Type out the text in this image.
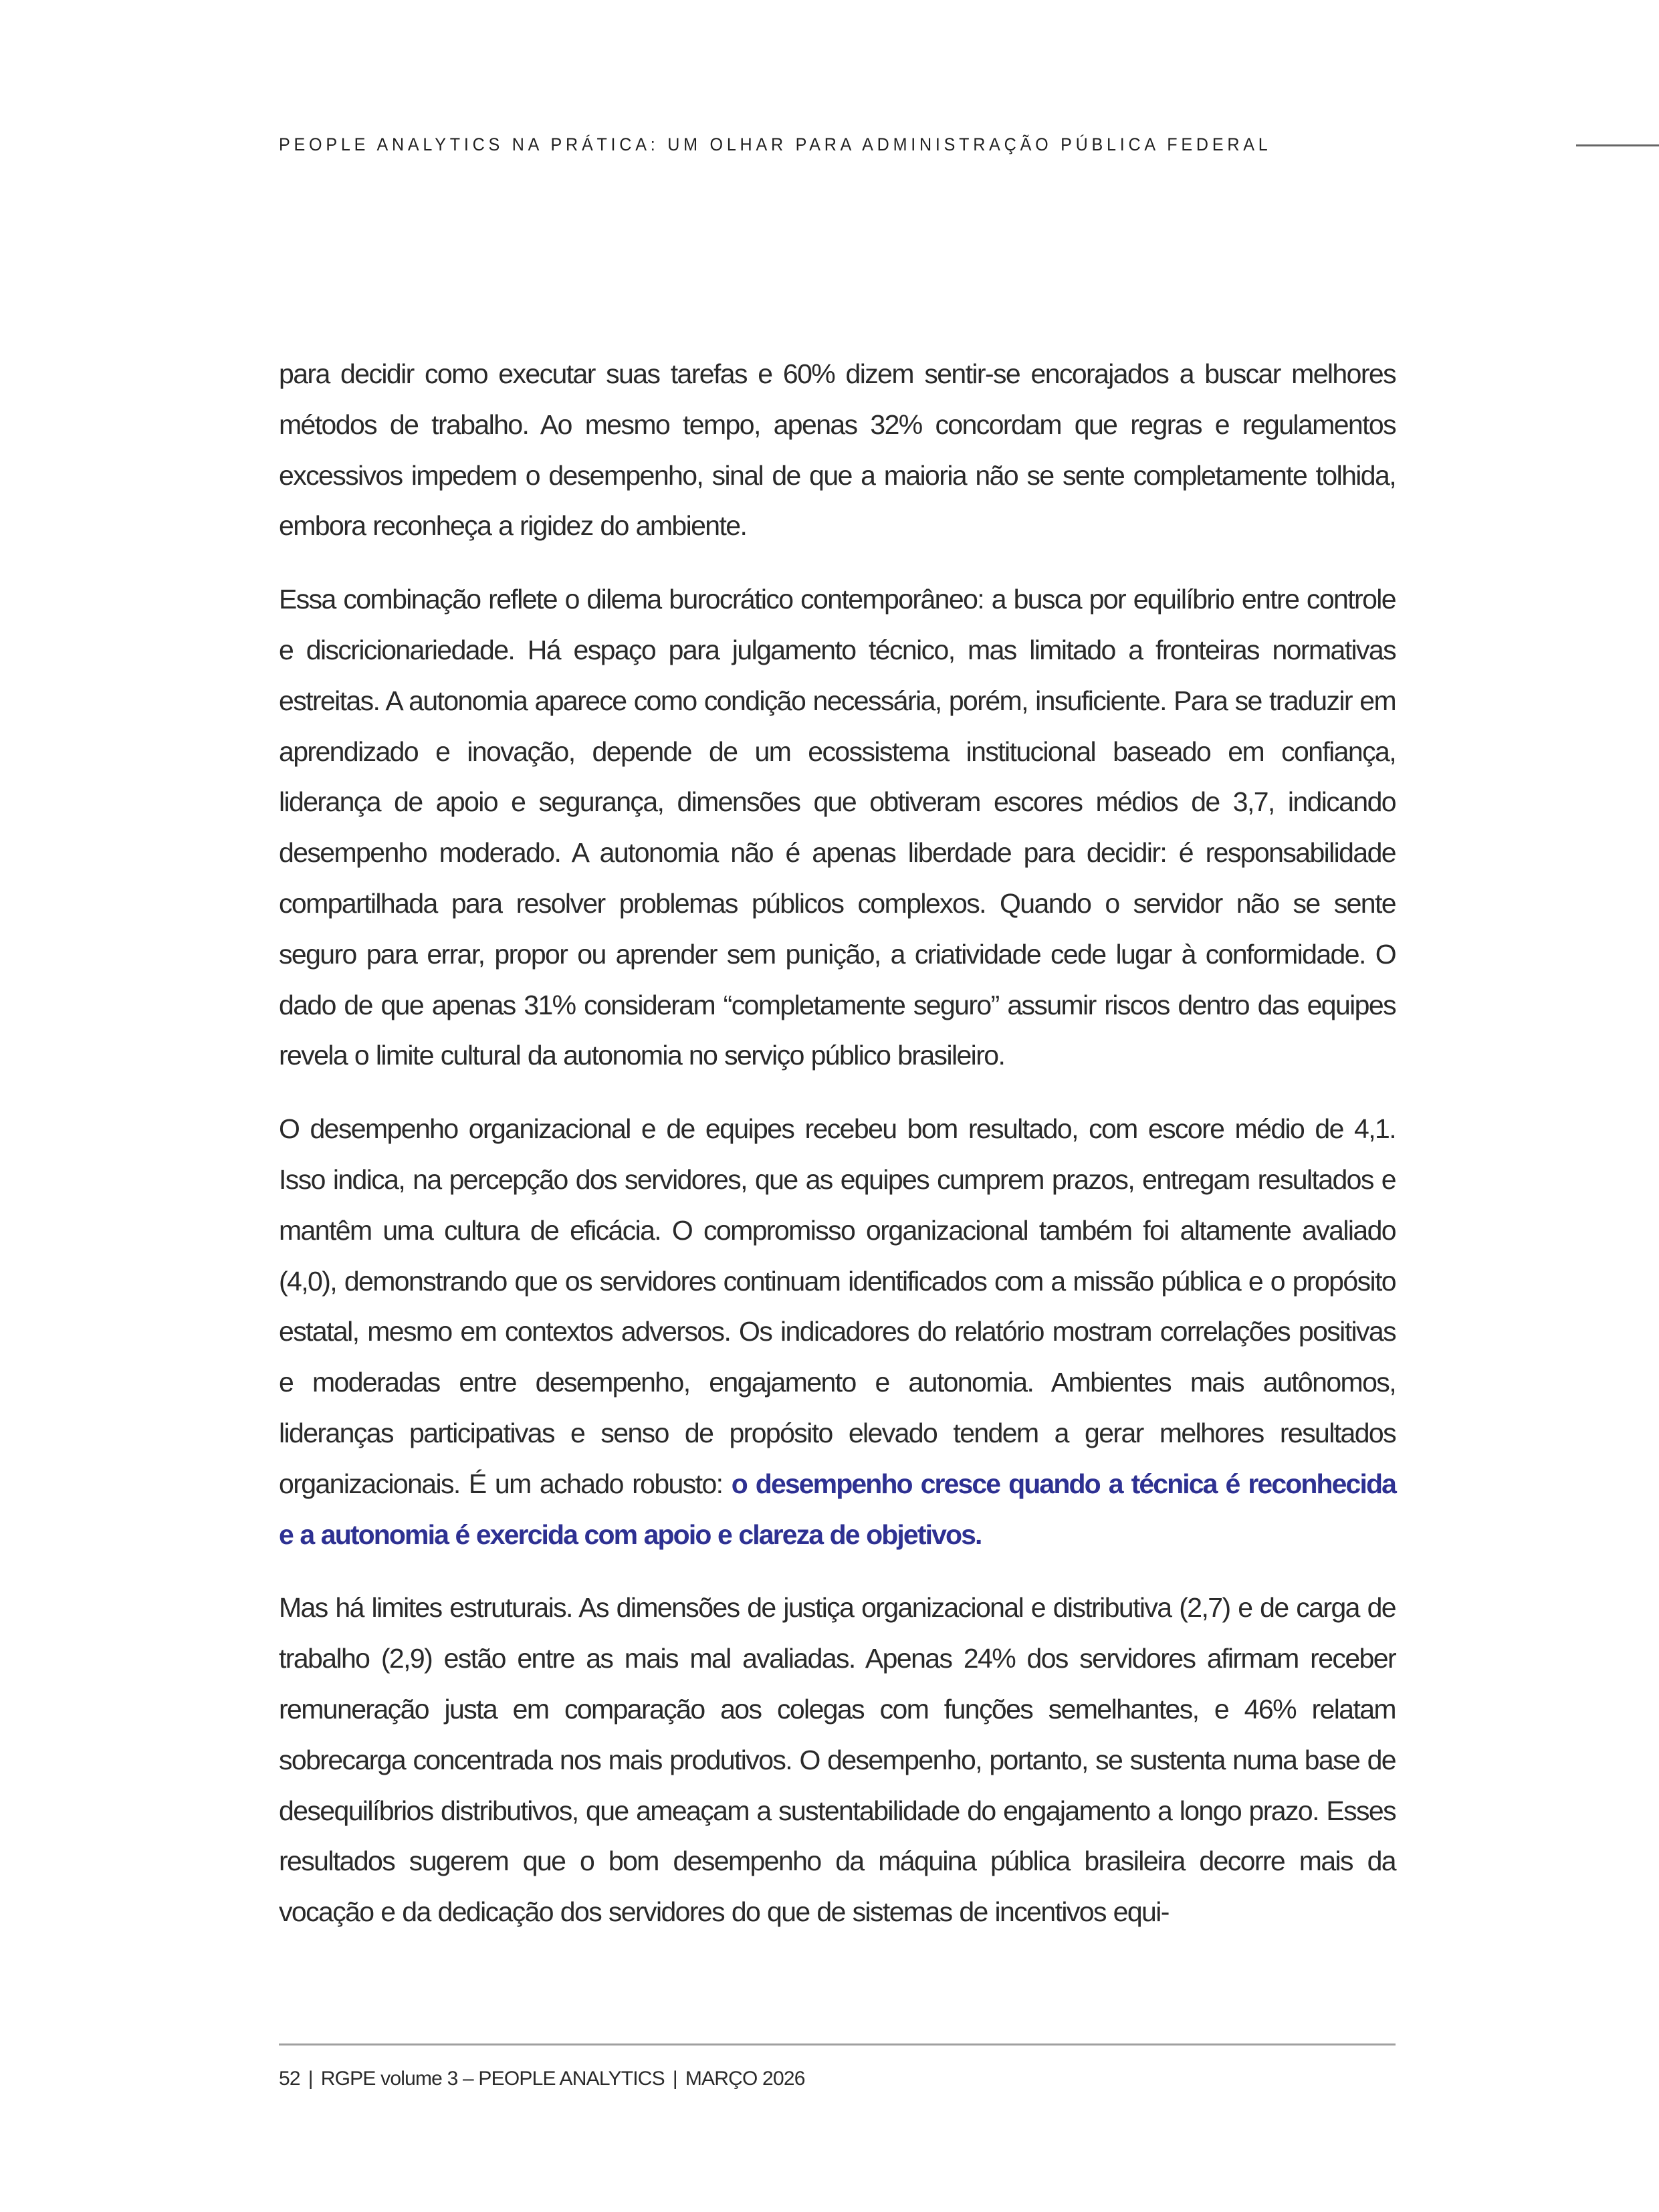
PEOPLE ANALYTICS NA PRÁTICA: UM OLHAR PARA ADMINISTRAÇÃO PÚBLICA FEDERAL

para decidir como executar suas tarefas e 60% dizem sentir-se encorajados a buscar melhores métodos de trabalho. Ao mesmo tempo, apenas 32% concordam que regras e regulamentos excessivos impedem o desempenho, sinal de que a maioria não se sente completamente tolhida, embora reconheça a rigidez do ambiente.

Essa combinação reflete o dilema burocrático contemporâneo: a busca por equilíbrio entre controle e discricionariedade. Há espaço para julgamento técnico, mas limitado a fronteiras normativas estreitas. A autonomia aparece como condição necessária, porém, insuficiente. Para se traduzir em aprendizado e inovação, depende de um ecossistema institucional baseado em confiança, liderança de apoio e segurança, dimensões que obtiveram escores médios de 3,7, indicando desempenho moderado. A autonomia não é apenas liberdade para decidir: é responsabilidade compartilhada para resolver problemas públicos complexos. Quando o servidor não se sente seguro para errar, propor ou aprender sem punição, a criatividade cede lugar à conformidade. O dado de que apenas 31% consideram “completamente seguro” assumir riscos dentro das equipes revela o limite cultural da autonomia no serviço público brasileiro.

O desempenho organizacional e de equipes recebeu bom resultado, com escore médio de 4,1. Isso indica, na percepção dos servidores, que as equipes cumprem prazos, entregam resultados e mantêm uma cultura de eficácia. O compromisso organizacional também foi altamente avaliado (4,0), demonstrando que os servidores continuam identificados com a missão pública e o propósito estatal, mesmo em contextos adversos. Os indicadores do relatório mostram correlações positivas e moderadas entre desempenho, engajamento e autonomia. Ambientes mais autônomos, lideranças participativas e senso de propósito elevado tendem a gerar melhores resultados organizacionais. É um achado robusto: o desempenho cresce quando a técnica é reconhecida e a autonomia é exercida com apoio e clareza de objetivos.

Mas há limites estruturais. As dimensões de justiça organizacional e distributiva (2,7) e de carga de trabalho (2,9) estão entre as mais mal avaliadas. Apenas 24% dos servidores afirmam receber remuneração justa em comparação aos colegas com funções semelhantes, e 46% relatam sobrecarga concentrada nos mais produtivos. O desempenho, portanto, se sustenta numa base de desequilíbrios distributivos, que ameaçam a sustentabilidade do engajamento a longo prazo. Esses resultados sugerem que o bom desempenho da máquina pública brasileira decorre mais da vocação e da dedicação dos servidores do que de sistemas de incentivos equi-

52 | RGPE volume 3 – PEOPLE ANALYTICS | MARÇO 2026
